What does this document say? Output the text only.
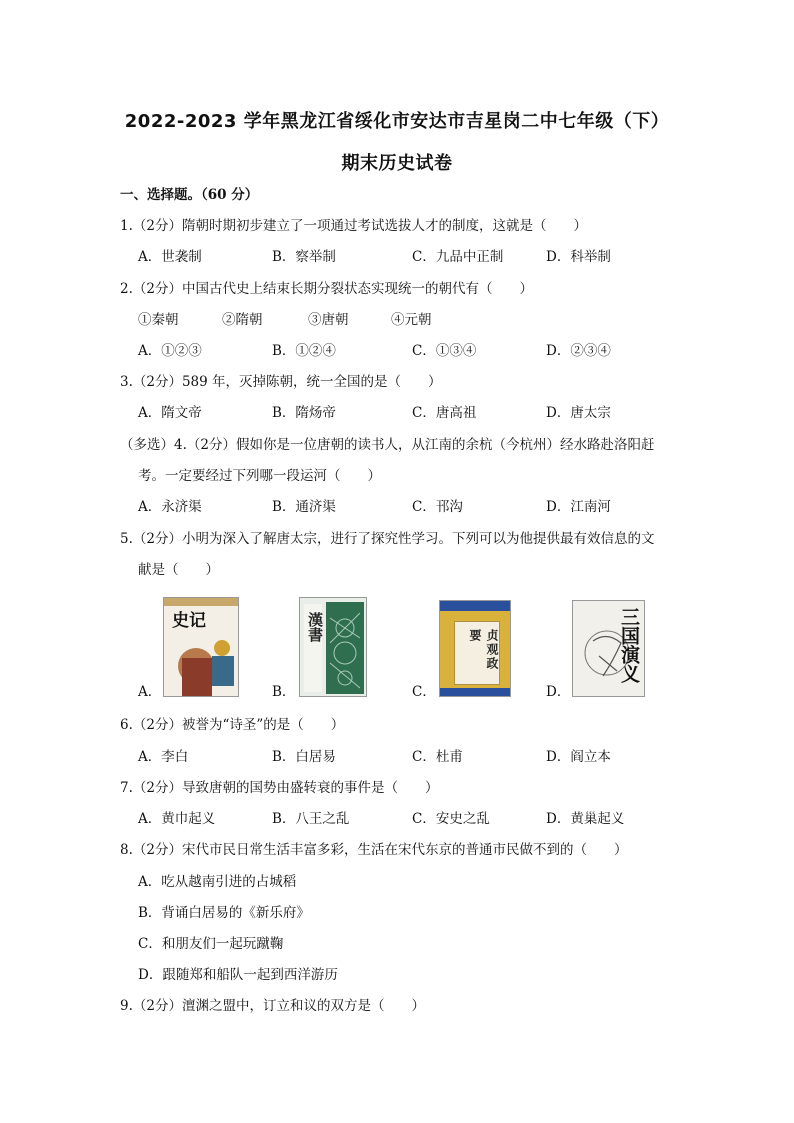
2022-2023 学年黑龙江省绥化市安达市吉星岗二中七年级（下）
期末历史试卷
一、选择题。（60 分）
1.（2分）隋朝时期初步建立了一项通过考试选拔人才的制度，这就是（　　）
A．世袭制	B．察举制	C．九品中正制	D．科举制
2.（2分）中国古代史上结束长期分裂状态实现统一的朝代有（　　）
①秦朝	②隋朝	③唐朝	④元朝
A．①②③	B．①②④	C．①③④	D．②③④
3.（2分）589 年，灭掉陈朝，统一全国的是（　　）
A．隋文帝	B．隋炀帝	C．唐高祖	D．唐太宗
（多选）4.（2分）假如你是一位唐朝的读书人，从江南的余杭（今杭州）经水路赴洛阳赶
考。一定要经过下列哪一段运河（　　）
A．永济渠	B．通济渠	C．邗沟	D．江南河
5.（2分）小明为深入了解唐太宗，进行了探究性学习。下列可以为他提供最有效信息的文
献是（　　）
A．
史记
B．
漢書
C．
贞观政要
D．
三国演义
6.（2分）被誉为“诗圣”的是（　　）
A．李白	B．白居易	C．杜甫	D．阎立本
7.（2分）导致唐朝的国势由盛转衰的事件是（　　）
A．黄巾起义	B．八王之乱	C．安史之乱	D．黄巢起义
8.（2分）宋代市民日常生活丰富多彩，生活在宋代东京的普通市民做不到的（　　）
A．吃从越南引进的占城稻
B．背诵白居易的《新乐府》
C．和朋友们一起玩蹴鞠
D．跟随郑和船队一起到西洋游历
9.（2分）澶渊之盟中，订立和议的双方是（　　）
